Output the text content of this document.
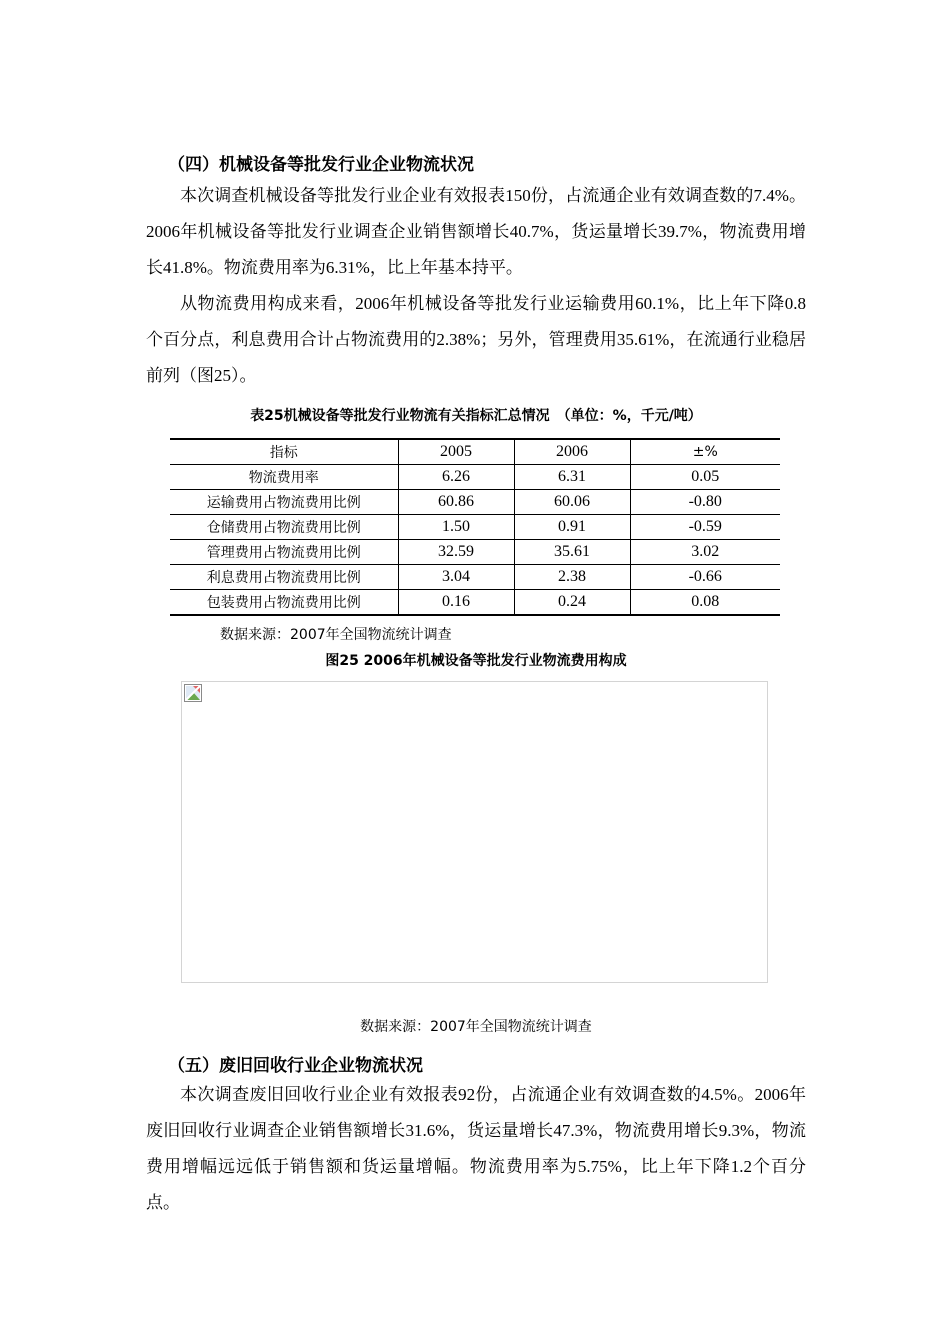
（四）机械设备等批发行业企业物流状况

本次调查机械设备等批发行业企业有效报表150份，占流通企业有效调查数的7.4%。2006年机械设备等批发行业调查企业销售额增长40.7%，货运量增长39.7%，物流费用增长41.8%。物流费用率为6.31%，比上年基本持平。

从物流费用构成来看，2006年机械设备等批发行业运输费用60.1%，比上年下降0.8个百分点，利息费用合计占物流费用的2.38%；另外，管理费用35.61%，在流通行业稳居前列（图25）。

表25机械设备等批发行业物流有关指标汇总情况　（单位：%，千元/吨）
指标	2005	2006	±%
物流费用率	6.26	6.31	0.05
运输费用占物流费用比例	60.86	60.06	-0.80
仓储费用占物流费用比例	1.50	0.91	-0.59
管理费用占物流费用比例	32.59	35.61	3.02
利息费用占物流费用比例	3.04	2.38	-0.66
包装费用占物流费用比例	0.16	0.24	0.08
数据来源：2007年全国物流统计调查
图25 2006年机械设备等批发行业物流费用构成
数据来源：2007年全国物流统计调查
（五）废旧回收行业企业物流状况

本次调查废旧回收行业企业有效报表92份，占流通企业有效调查数的4.5%。2006年废旧回收行业调查企业销售额增长31.6%，货运量增长47.3%，物流费用增长9.3%，物流费用增幅远远低于销售额和货运量增幅。物流费用率为5.75%，比上年下降1.2个百分点。
